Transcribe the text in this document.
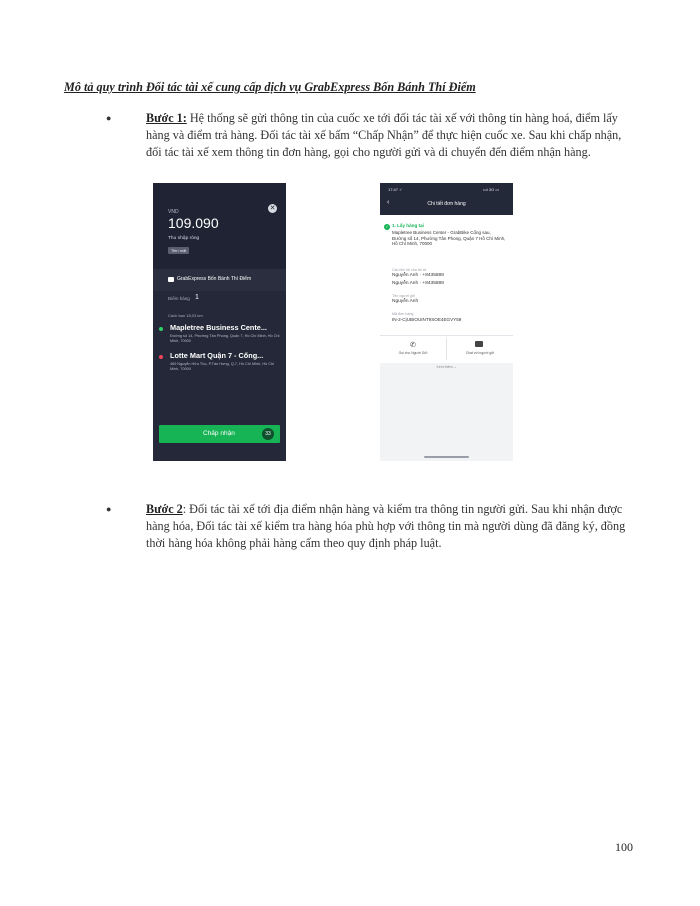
Mô tả quy trình Đối tác tài xế cung cấp dịch vụ GrabExpress Bốn Bánh Thí Điểm
●	Bước 1: Hệ thống sẽ gửi thông tin của cuốc xe tới đối tác tài xế với thông tin hàng hoá, điểm lấy hàng và điểm trả hàng. Đối tác tài xế bấm “Chấp Nhận” để thực hiện cuốc xe. Sau khi chấp nhận, đối tác tài xế xem thông tin đơn hàng, gọi cho người gửi và di chuyển đến điểm nhận hàng.
VND
109.090
Thu nhập ròng
Tiền mặt
✕
GrabExpress Bốn Bánh Thí Điểm
Điểm hàng 1
Cách bạn 18,03 km
Mapletree Business Cente...
Đường số 14, Phường Tân Phong, Quận 7, Hồ Chí Minh, Hồ Chí Minh, 70000
Lotte Mart Quận 7 - Cống...
469 Nguyễn Hữu Thọ, P.Tân Hưng, Q.7, Hồ Chí Minh, Hồ Chí Minh, 70000
Chấp nhận	33
17:47 ✓	••ıl 3G ▭
‹	Chi tiết đơn hàng
✓ 1. Lấy hàng tại
Mapletree Business Center - GrabBike Cổng sau, Đường số 14, Phường Tân Phong, Quận 7 Hồ Chí Minh, Hồ Chí Minh, 70000
Các liên hệ của tài xế
Nguyễn Anh · +8435888
Nguyễn Anh · +8435888
Tên người gửi
Nguyễn Anh
Mã đơn hàng
IN-2-C|UBIOUINT9SOE4EGVY59
✆
Gọi cho Người Gửi	Chat với người gửi
Xem thêm ⌄
●	Bước 2: Đối tác tài xế tới địa điểm nhận hàng và kiểm tra thông tin người gửi. Sau khi nhận được hàng hóa, Đối tác tài xế kiểm tra hàng hóa phù hợp với thông tin mà người dùng đã đăng ký, đồng thời hàng hóa không phải hàng cấm theo quy định pháp luật.
100
